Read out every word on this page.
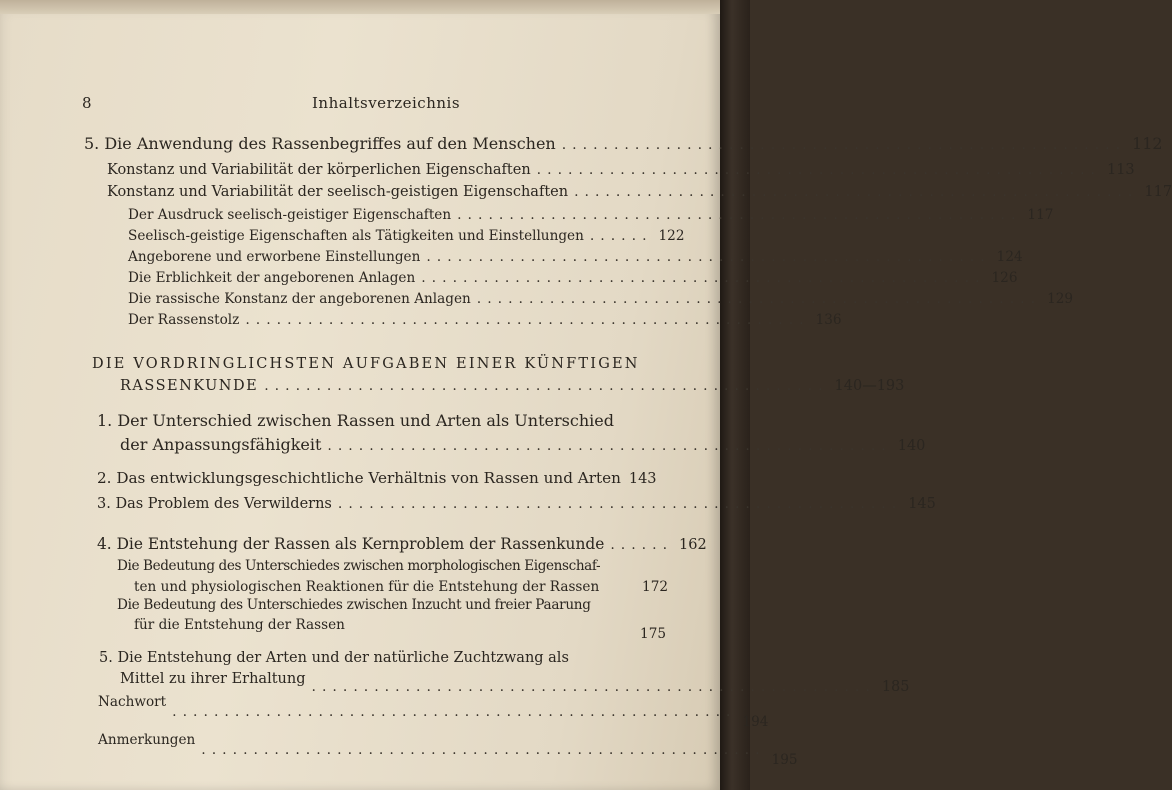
8	Inhaltsverzeichnis
5. Die Anwendung des Rassenbegriffes auf den Menschen ...................................................... 112
Konstanz und Variabilität der körperlichen Eigenschaften ...................................................... 113
Konstanz und Variabilität der seelisch-geistigen Eigenschaften ...................................................... 117
Der Ausdruck seelisch-geistiger Eigenschaften ...................................................... 117
Seelisch-geistige Eigenschaften als Tätigkeiten und Einstellungen ...... 122
Angeborene und erworbene Einstellungen ...................................................... 124
Die Erblichkeit der angeborenen Anlagen ...................................................... 126
Die rassische Konstanz der angeborenen Anlagen ...................................................... 129
Der Rassenstolz ...................................................... 136
DIE VORDRINGLICHSTEN AUFGABEN EINER KÜNFTIGEN
RASSENKUNDE ...................................................... 140—193
1. Der Unterschied zwischen Rassen und Arten als Unterschied
der Anpassungsfähigkeit ...................................................... 140
2. Das entwicklungsgeschichtliche Verhältnis von Rassen und Arten 143
3. Das Problem des Verwilderns ...................................................... 145
4. Die Entstehung der Rassen als Kernproblem der Rassenkunde ...... 162
Die Bedeutung des Unterschiedes zwischen morphologischen Eigenschaf-
ten und physiologischen Reaktionen für die Entstehung der Rassen	172
Die Bedeutung des Unterschiedes zwischen Inzucht und freier Paarung
für die Entstehung der Rassen
175
5. Die Entstehung der Arten und der natürliche Zuchtzwang als
Mittel zu ihrer Erhaltung ...................................................... 185
Nachwort
......................................................
194
Anmerkungen
......................................................
195
